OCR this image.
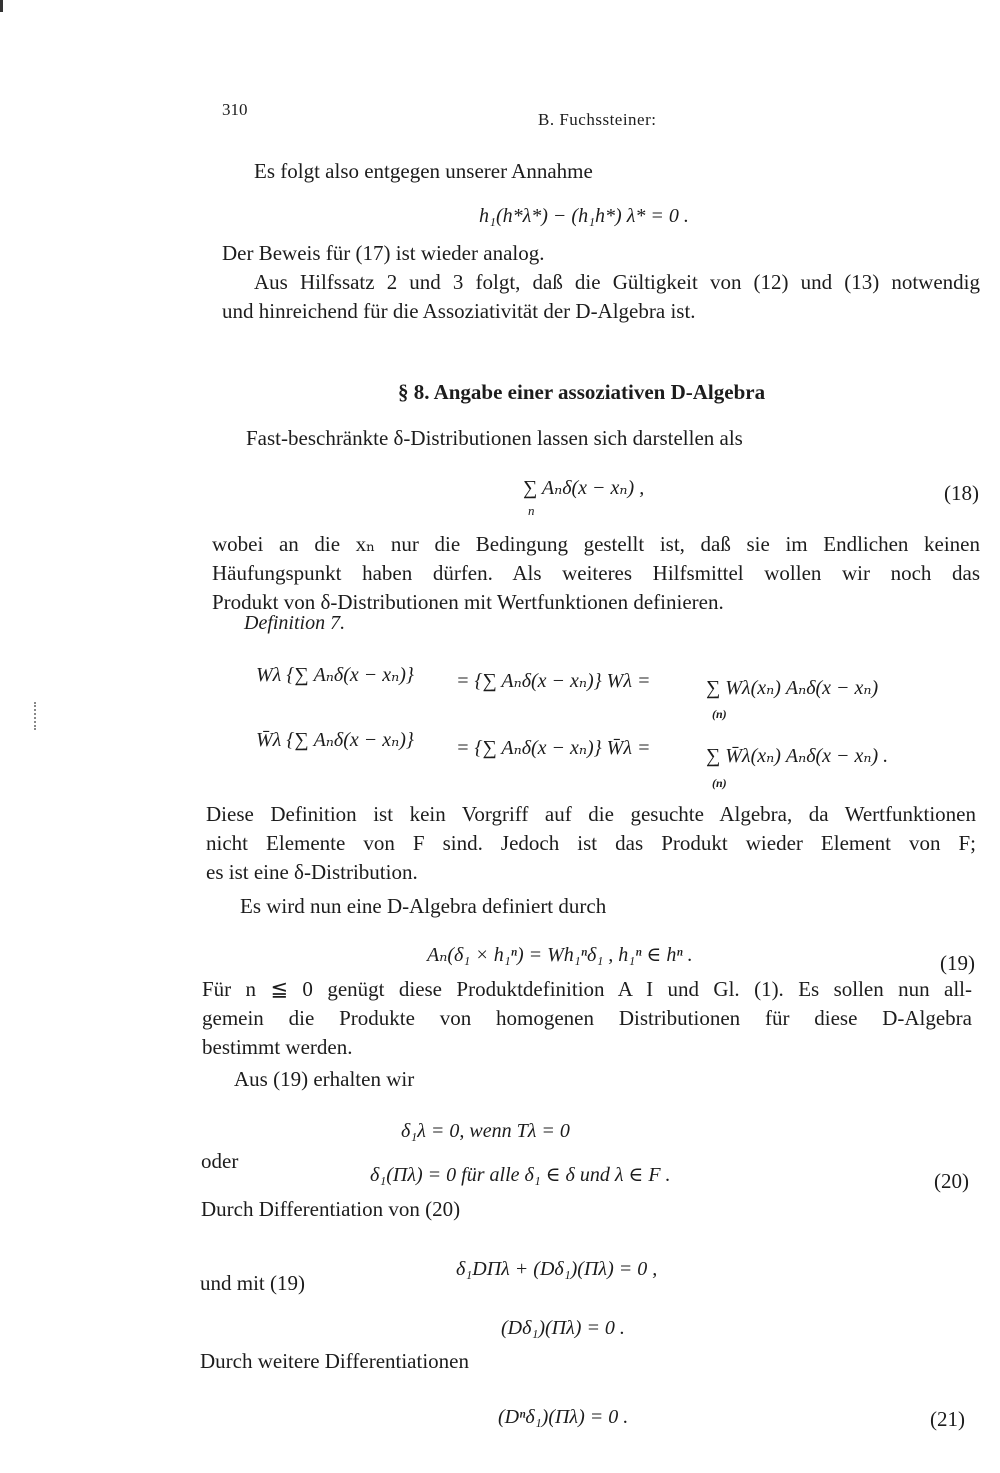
310
B. Fuchssteiner:
Es folgt also entgegen unserer Annahme
h₁(h*λ*) − (h₁h*) λ* = 0 .
Der Beweis für (17) ist wieder analog.
Aus Hilfssatz 2 und 3 folgt, daß die Gültigkeit von (12) und (13) notwendig
und hinreichend für die Assoziativität der D-Algebra ist.
§ 8. Angabe einer assoziativen D-Algebra
Fast-beschränkte δ-Distributionen lassen sich darstellen als
∑ Aₙδ(x − xₙ) ,
n
(18)
wobei an die xₙ nur die Bedingung gestellt ist, daß sie im Endlichen keinen
Häufungspunkt haben dürfen. Als weiteres Hilfsmittel wollen wir noch das
Produkt von δ-Distributionen mit Wertfunktionen definieren.
Definition 7.
Wλ {∑ Aₙδ(x − xₙ)} = {∑ Aₙδ(x − xₙ)} Wλ =	∑ Wλ(xₙ) Aₙδ(x − xₙ)
(n)
W̄λ {∑ Aₙδ(x − xₙ)} = {∑ Aₙδ(x − xₙ)} W̄λ =	∑ W̄λ(xₙ) Aₙδ(x − xₙ) .
(n)
Diese Definition ist kein Vorgriff auf die gesuchte Algebra, da Wertfunktionen
nicht Elemente von F sind. Jedoch ist das Produkt wieder Element von F;
es ist eine δ-Distribution.
Es wird nun eine D-Algebra definiert durch
Aₙ(δ₁ × h₁ⁿ) = Wh₁ⁿδ₁ , h₁ⁿ ∈ hⁿ .	(19)
Für n ≦ 0 genügt diese Produktdefinition A I und Gl. (1). Es sollen nun all-
gemein die Produkte von homogenen Distributionen für diese D-Algebra
bestimmt werden.
Aus (19) erhalten wir
δ₁λ = 0, wenn Tλ = 0
oder
δ₁(Πλ) = 0 für alle δ₁ ∈ δ und λ ∈ F .	(20)
Durch Differentiation von (20)
δ₁DΠλ + (Dδ₁)(Πλ) = 0 ,
und mit (19)
(Dδ₁)(Πλ) = 0 .
Durch weitere Differentiationen
(Dⁿδ₁)(Πλ) = 0 .	(21)
